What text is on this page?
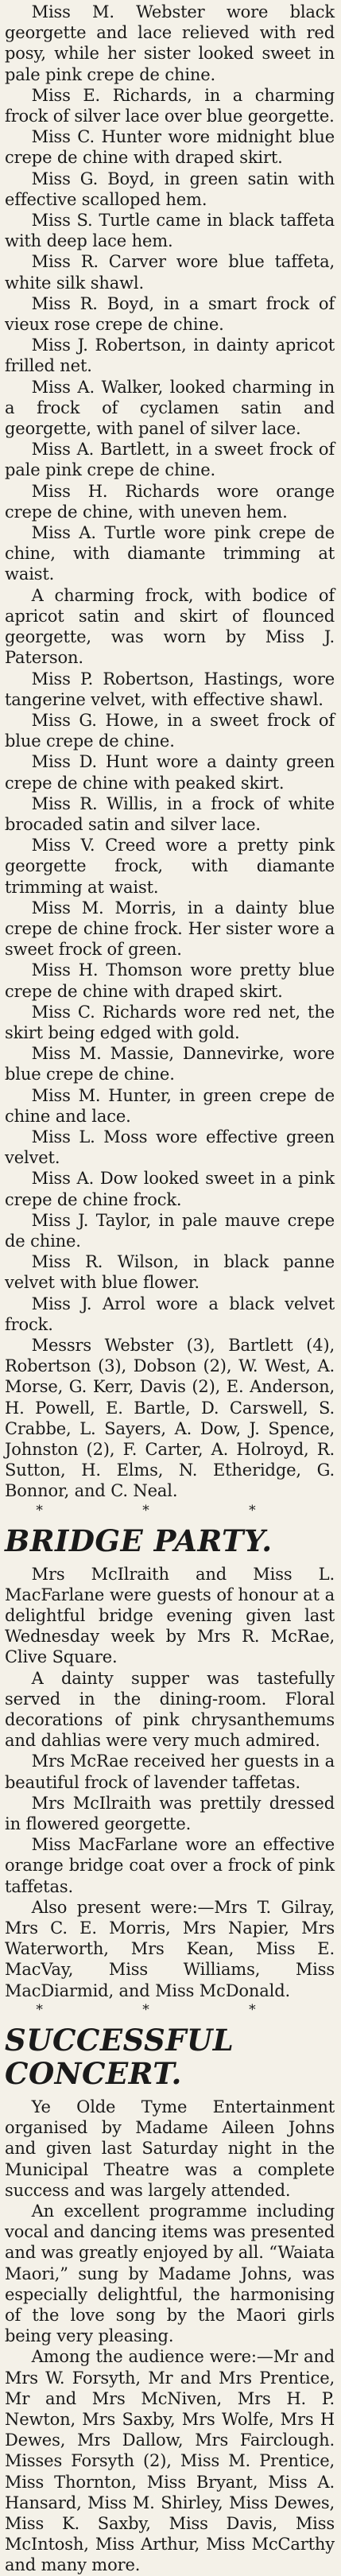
Miss M. Webster wore black georgette and lace relieved with red posy, while her sister looked sweet in pale pink crepe de chine.

Miss E. Richards, in a charming frock of silver lace over blue georgette.

Miss C. Hunter wore midnight blue crepe de chine with draped skirt.

Miss G. Boyd, in green satin with effective scalloped hem.

Miss S. Turtle came in black taffeta with deep lace hem.

Miss R. Carver wore blue taffeta, white silk shawl.

Miss R. Boyd, in a smart frock of vieux rose crepe de chine.

Miss J. Robertson, in dainty apricot frilled net.

Miss A. Walker, looked charming in a frock of cyclamen satin and georgette, with panel of silver lace.

Miss A. Bartlett, in a sweet frock of pale pink crepe de chine.

Miss H. Richards wore orange crepe de chine, with uneven hem.

Miss A. Turtle wore pink crepe de chine, with diamante trimming at waist.

A charming frock, with bodice of apricot satin and skirt of flounced georgette, was worn by Miss J. Paterson.

Miss P. Robertson, Hastings, wore tangerine velvet, with effective shawl.

Miss G. Howe, in a sweet frock of blue crepe de chine.

Miss D. Hunt wore a dainty green crepe de chine with peaked skirt.

Miss R. Willis, in a frock of white brocaded satin and silver lace.

Miss V. Creed wore a pretty pink georgette frock, with diamante trimming at waist.

Miss M. Morris, in a dainty blue crepe de chine frock. Her sister wore a sweet frock of green.

Miss H. Thomson wore pretty blue crepe de chine with draped skirt.

Miss C. Richards wore red net, the skirt being edged with gold.

Miss M. Massie, Dannevirke, wore blue crepe de chine.

Miss M. Hunter, in green crepe de chine and lace.

Miss L. Moss wore effective green velvet.

Miss A. Dow looked sweet in a pink crepe de chine frock.

Miss J. Taylor, in pale mauve crepe de chine.

Miss R. Wilson, in black panne velvet with blue flower.

Miss J. Arrol wore a black velvet frock.

Messrs Webster (3), Bartlett (4), Robertson (3), Dobson (2), W. West, A. Morse, G. Kerr, Davis (2), E. Anderson, H. Powell, E. Bartle, D. Carswell, S. Crabbe, L. Sayers, A. Dow, J. Spence, Johnston (2), F. Carter, A. Holroyd, R. Sutton, H. Elms, N. Etheridge, G. Bonnor, and C. Neal.

* * *

BRIDGE PARTY.

Mrs McIlraith and Miss L. MacFarlane were guests of honour at a delightful bridge evening given last Wednesday week by Mrs R. McRae, Clive Square.

A dainty supper was tastefully served in the dining-room. Floral decorations of pink chrysanthemums and dahlias were very much admired.

Mrs McRae received her guests in a beautiful frock of lavender taffetas.

Mrs McIlraith was prettily dressed in flowered georgette.

Miss MacFarlane wore an effective orange bridge coat over a frock of pink taffetas.

Also present were:—Mrs T. Gilray, Mrs C. E. Morris, Mrs Napier, Mrs Waterworth, Mrs Kean, Miss E. MacVay, Miss Williams, Miss MacDiarmid, and Miss McDonald.

* * *

SUCCESSFUL CONCERT.

Ye Olde Tyme Entertainment organised by Madame Aileen Johns and given last Saturday night in the Municipal Theatre was a complete success and was largely attended.

An excellent programme including vocal and dancing items was presented and was greatly enjoyed by all. “Waiata Maori,” sung by Madame Johns, was especially delightful, the harmonising of the love song by the Maori girls being very pleasing.

Among the audience were:—Mr and Mrs W. Forsyth, Mr and Mrs Prentice, Mr and Mrs McNiven, Mrs H. P. Newton, Mrs Saxby, Mrs Wolfe, Mrs H Dewes, Mrs Dallow, Mrs Fairclough. Misses Forsyth (2), Miss M. Prentice, Miss Thornton, Miss Bryant, Miss A. Hansard, Miss M. Shirley, Miss Dewes, Miss K. Saxby, Miss Davis, Miss McIntosh, Miss Arthur, Miss McCarthy and many more.
